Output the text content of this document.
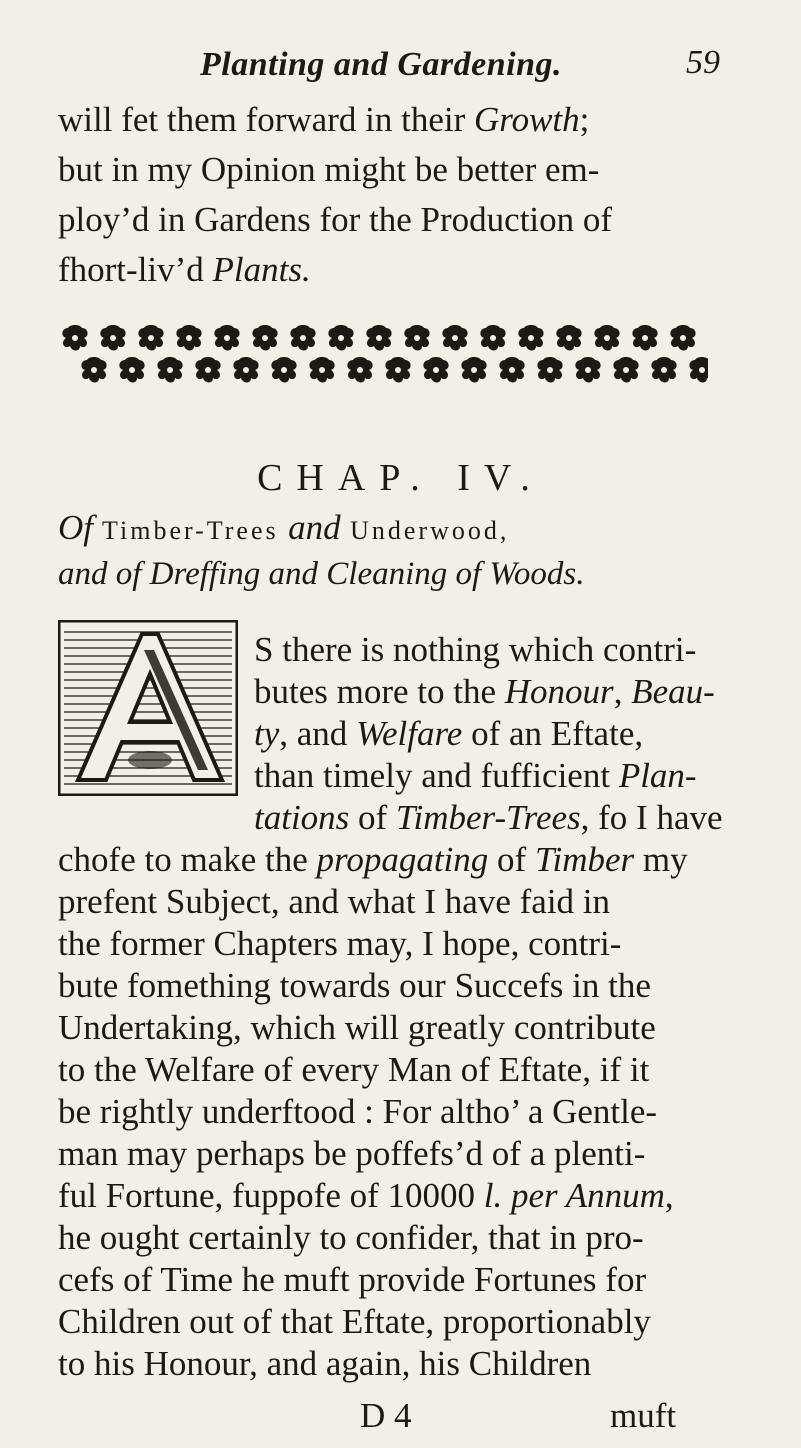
Planting and Gardening.	59
will fet them forward in their Growth;
but in my Opinion might be better em-
ploy’d in Gardens for the Production of
fhort-liv’d Plants.
CHAP. IV.
Of Timber-Trees and Underwood,
and of Dreffing and Cleaning of Woods.
S there is nothing which contri-
butes more to the Honour, Beau-
ty, and Welfare of an Eftate,
than timely and fufficient Plan-
tations of Timber-Trees, fo I have
chofe to make the propagating of Timber my
prefent Subject, and what I have faid in
the former Chapters may, I hope, contri-
bute fomething towards our Succefs in the
Undertaking, which will greatly contribute
to the Welfare of every Man of Eftate, if it
be rightly underftood : For altho’ a Gentle-
man may perhaps be poffefs’d of a plenti-
ful Fortune, fuppofe of 10000 l. per Annum,
he ought certainly to confider, that in pro-
cefs of Time he muft provide Fortunes for
Children out of that Eftate, proportionably
to his Honour, and again, his Children
D 4	muft
